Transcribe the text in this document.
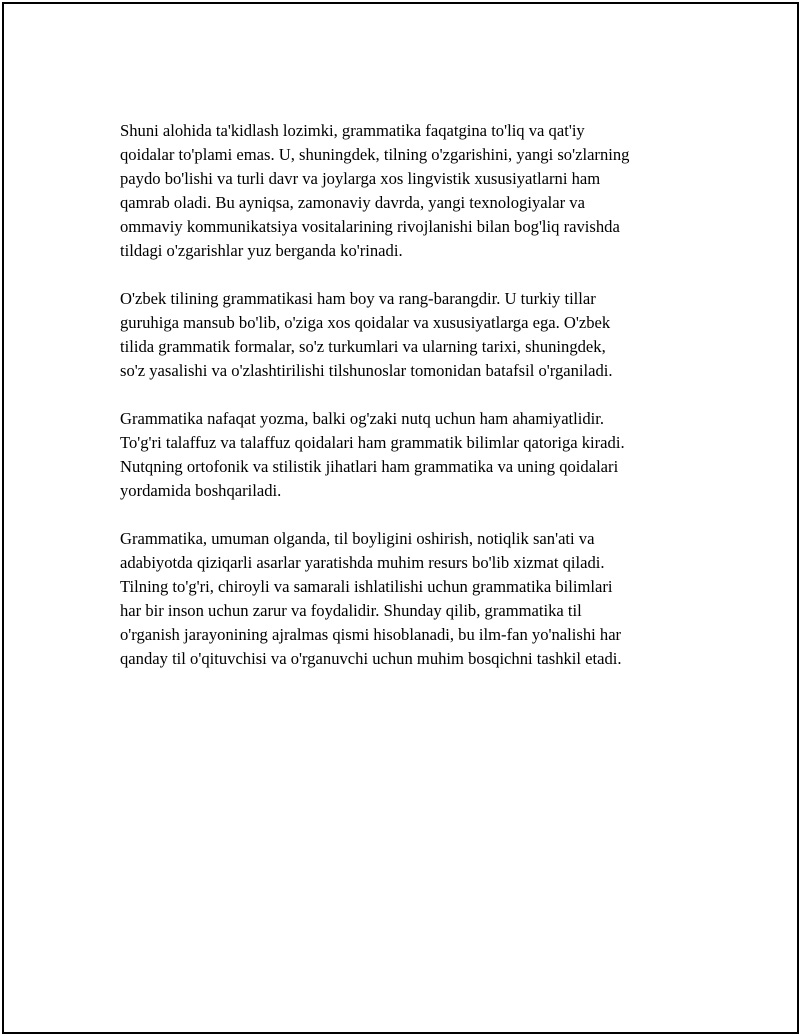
Shuni alohida ta'kidlash lozimki, grammatika faqatgina to'liq va qat'iy
qoidalar to'plami emas. U, shuningdek, tilning o'zgarishini, yangi so'zlarning
paydo bo'lishi va turli davr va joylarga xos lingvistik xususiyatlarni ham
qamrab oladi. Bu ayniqsa, zamonaviy davrda, yangi texnologiyalar va
ommaviy kommunikatsiya vositalarining rivojlanishi bilan bog'liq ravishda
tildagi o'zgarishlar yuz berganda ko'rinadi.

O'zbek tilining grammatikasi ham boy va rang-barangdir. U turkiy tillar
guruhiga mansub bo'lib, o'ziga xos qoidalar va xususiyatlarga ega. O'zbek
tilida grammatik formalar, so'z turkumlari va ularning tarixi, shuningdek,
so'z yasalishi va o'zlashtirilishi tilshunoslar tomonidan batafsil o'rganiladi.

Grammatika nafaqat yozma, balki og'zaki nutq uchun ham ahamiyatlidir.
To'g'ri talaffuz va talaffuz qoidalari ham grammatik bilimlar qatoriga kiradi.
Nutqning ortofonik va stilistik jihatlari ham grammatika va uning qoidalari
yordamida boshqariladi.

Grammatika, umuman olganda, til boyligini oshirish, notiqlik san'ati va
adabiyotda qiziqarli asarlar yaratishda muhim resurs bo'lib xizmat qiladi.
Tilning to'g'ri, chiroyli va samarali ishlatilishi uchun grammatika bilimlari
har bir inson uchun zarur va foydalidir. Shunday qilib, grammatika til
o'rganish jarayonining ajralmas qismi hisoblanadi, bu ilm-fan yo'nalishi har
qanday til o'qituvchisi va o'rganuvchi uchun muhim bosqichni tashkil etadi.
